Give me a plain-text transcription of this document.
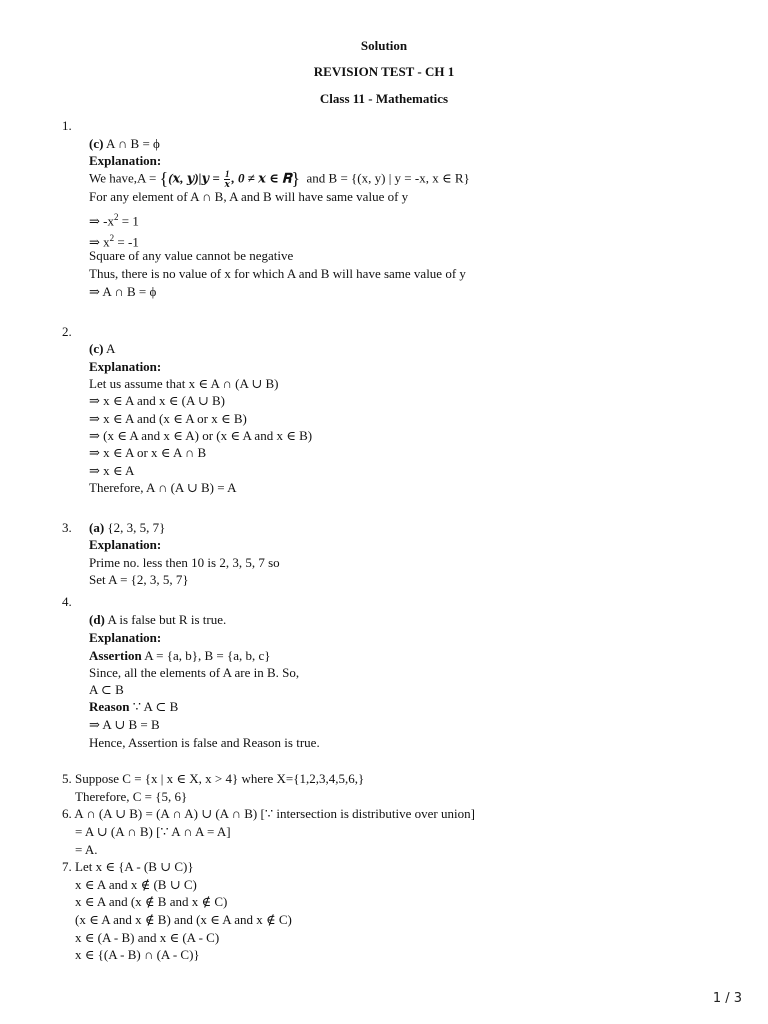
Solution
REVISION TEST - CH 1
Class 11 - Mathematics
1.
(c) A ∩ B = ϕ
Explanation:
We have,A = {(𝒙, 𝒚)|𝒚 = $\frac{1}{\text{𝒙}}$ , 0 ≠ 𝒙 ∈ 𝐑} and B = {(x, y) | y = -x, x ∈ R}
For any element of A ∩ B, A and B will have same value of y
⇒ $-x^2 = 1$
⇒ $x^2 = -1$
Square of any value cannot be negative
Thus, there is no value of x for which A and B will have same value of y
⇒ A ∩ B = ϕ
2.
(c) A
Explanation:
Let us assume that x ∈ A ∩ (A ∪ B)
⇒ x ∈ A and x ∈ (A ∪ B)
⇒ x ∈ A and (x ∈ A or x ∈ B)
⇒ (x ∈ A and x ∈ A) or (x ∈ A and x ∈ B)
⇒ x ∈ A or x ∈ A ∩ B
⇒ x ∈ A
Therefore, A ∩ (A ∪ B) = A
3. (a) {2, 3, 5, 7}
Explanation:
Prime no. less then 10 is 2, 3, 5, 7 so
Set A = {2, 3, 5, 7}
4.
(d) A is false but R is true.
Explanation:
Assertion A = {a, b}, B = {a, b, c}
Since, all the elements of A are in B. So,
A ⊂ B
Reason ∵ A ⊂ B
⇒ A ∪ B = B
Hence, Assertion is false and Reason is true.
5. Suppose C = {x | x ∈ X, x > 4} where X={1,2,3,4,5,6,}
Therefore, C = {5, 6}
6. A ∩ (A ∪ B) = (A ∩ A) ∪ (A ∩ B) [∵ intersection is distributive over union]
= A ∪ (A ∩ B) [∵ A ∩ A = A]
= A.
7. Let x ∈ {A - (B ∪ C)}
x ∈ A and x ∉ (B ∪ C)
x ∈ A and (x ∉ B and x ∉ C)
(x ∈ A and x ∉ B) and (x ∈ A and x ∉ C)
x ∈ (A - B) and x ∈ (A - C)
x ∈ {(A - B) ∩ (A - C)}
1 / 3
